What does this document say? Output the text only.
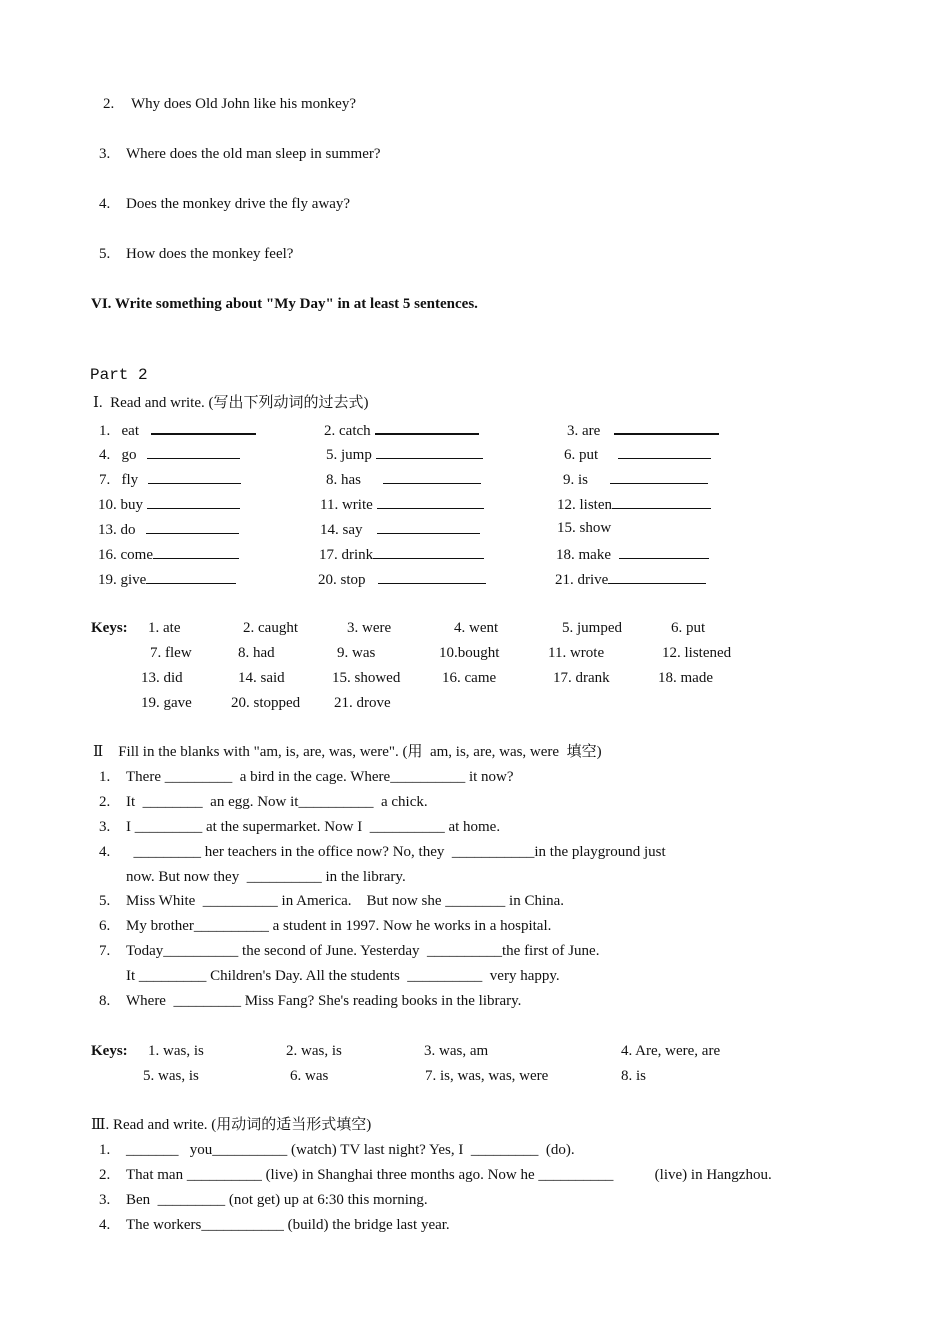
2. Why does Old John like his monkey?
3. Where does the old man sleep in summer?
4. Does the monkey drive the fly away?
5. How does the monkey feel?
VI. Write something about "My Day" in at least 5 sentences.
Part 2
Ⅰ.  Read and write. (写出下列动词的过去式)
1.   eat	2. catch	3. are
4.   go	5. jump	6. put
7.   fly	8. has	9. is
10. buy	11. write	12. listen
13. do	14. say	15. show
16. come	17. drink	18. make
19. give	20. stop	21. drive
Keys: 1. ate	2. caught	3. were	4. went	5. jumped	6. put
7. flew	8. had	9. was	10.bought	11. wrote	12. listened
13. did	14. said	15. showed	16. came	17. drank	18. made
19. gave	20. stopped 21. drove
Ⅱ    Fill in the blanks with "am, is, are, was, were". (用  am, is, are, was, were  填空)
1. There _________  a bird in the cage. Where__________ it now?
2. It  ________  an egg. Now it__________  a chick.
3. I _________ at the supermarket. Now I  __________ at home.
4. _________ her teachers in the office now? No, they  ___________in the playground just
now. But now they  __________ in the library.
5. Miss White  __________ in America.    But now she ________ in China.
6. My brother__________ a student in 1997. Now he works in a hospital.
7. Today__________ the second of June. Yesterday  __________the first of June.
It _________ Children's Day. All the students  __________  very happy.
8. Where  _________ Miss Fang? She's reading books in the library.
Keys: 1. was, is	2. was, is	3. was, am	4. Are, were, are
5. was, is	6. was	7. is, was, was, were	8. is
Ⅲ. Read and write. (用动词的适当形式填空)
1. _______   you__________ (watch) TV last night? Yes, I  _________  (do).
2. That man __________ (live) in Shanghai three months ago. Now he __________           (live) in Hangzhou.
3. Ben  _________ (not get) up at 6:30 this morning.
4. The workers___________ (build) the bridge last year.
